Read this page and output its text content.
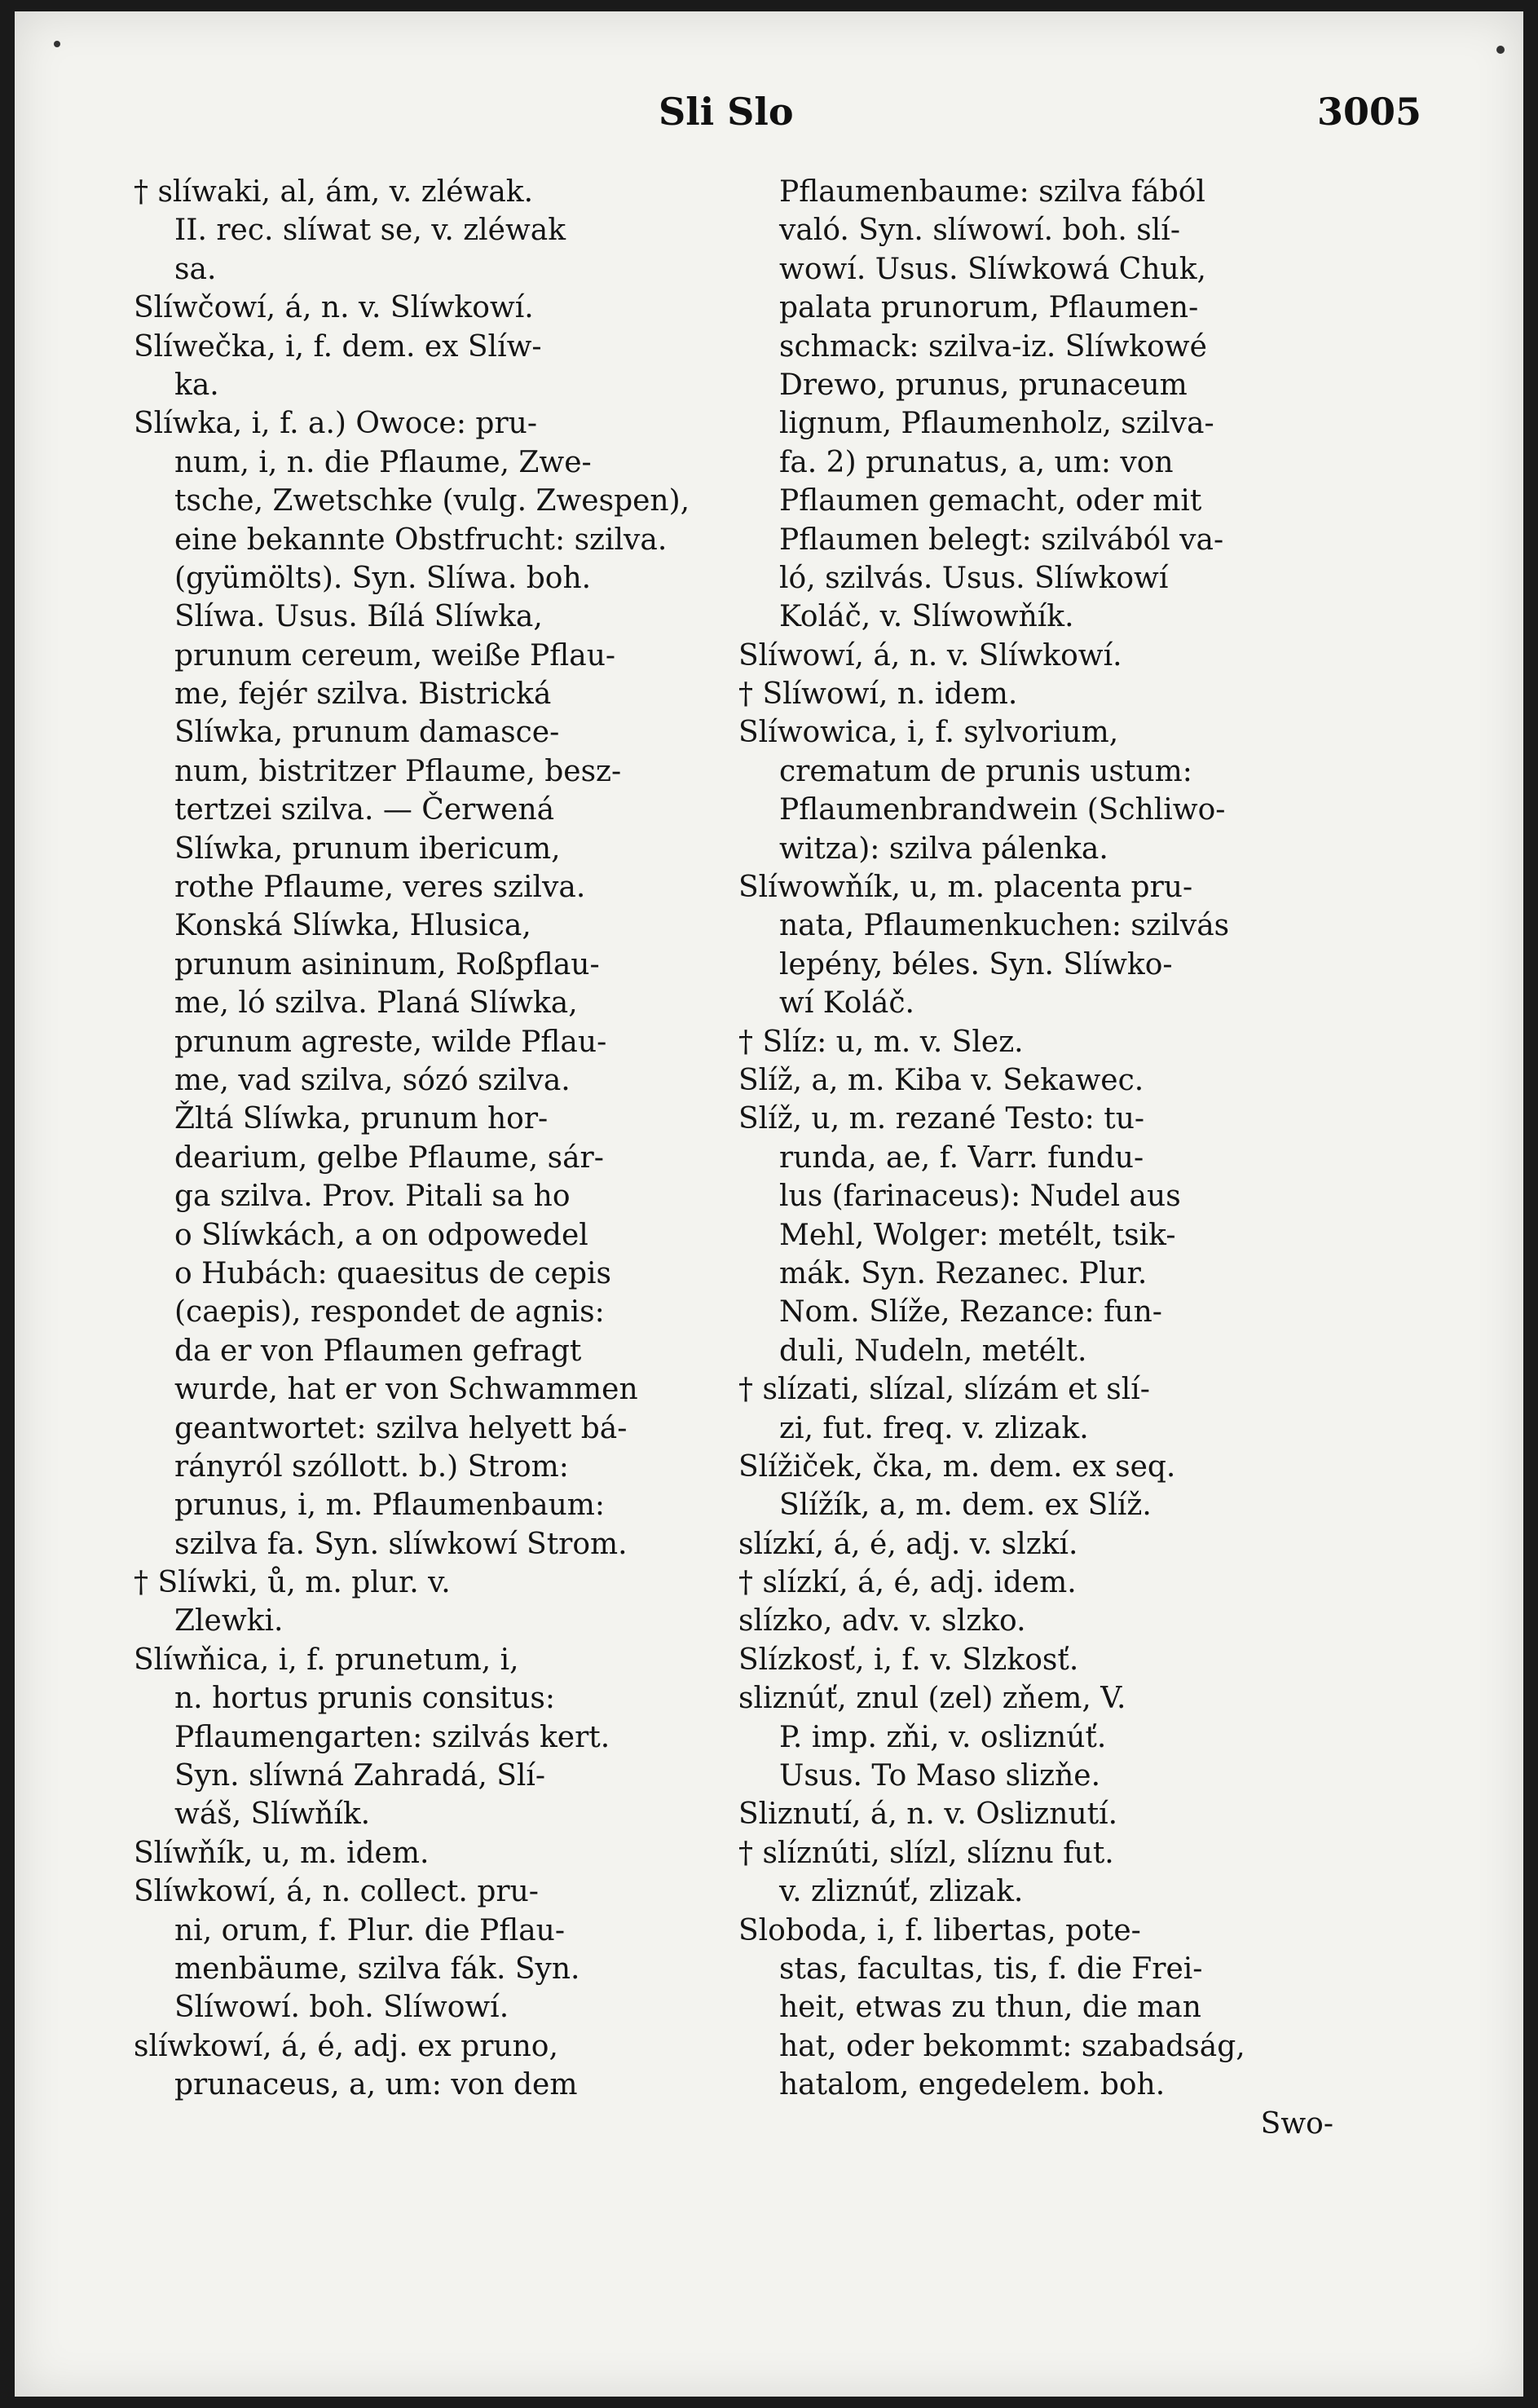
Sli Slo	3005
† slíwaki, al, ám, v. zléwak.
II. rec. slíwat se, v. zléwak
sa.
Slíwčowí, á, n. v. Slíwkowí.
Slíwečka, i, f. dem. ex Slíw-
ka.
Slíwka, i, f. a.) Owoce: pru-
num, i, n. die Pflaume, Zwe-
tsche, Zwetschke (vulg. Zwespen),
eine bekannte Obstfrucht: szilva.
(gyümölts). Syn. Slíwa. boh.
Slíwa. Usus. Bílá Slíwka,
prunum cereum, weiße Pflau-
me, fejér szilva. Bistrická
Slíwka, prunum damasce-
num, bistritzer Pflaume, besz-
tertzei szilva. — Čerwená
Slíwka, prunum ibericum,
rothe Pflaume, veres szilva.
Konská Slíwka, Hlusica,
prunum asininum, Roßpflau-
me, ló szilva. Planá Slíwka,
prunum agreste, wilde Pflau-
me, vad szilva, sózó szilva.
Žltá Slíwka, prunum hor-
dearium, gelbe Pflaume, sár-
ga szilva. Prov. Pitali sa ho
o Slíwkách, a on odpowedel
o Hubách: quaesitus de cepis
(caepis), respondet de agnis:
da er von Pflaumen gefragt
wurde, hat er von Schwammen
geantwortet: szilva helyett bá-
rányról szóllott. b.) Strom:
prunus, i, m. Pflaumenbaum:
szilva fa. Syn. slíwkowí Strom.
† Slíwki, ů, m. plur. v.
Zlewki.
Slíwňica, i, f. prunetum, i,
n. hortus prunis consitus:
Pflaumengarten: szilvás kert.
Syn. slíwná Zahradá, Slí-
wáš, Slíwňík.
Slíwňík, u, m. idem.
Slíwkowí, á, n. collect. pru-
ni, orum, f. Plur. die Pflau-
menbäume, szilva fák. Syn.
Slíwowí. boh. Slíwowí.
slíwkowí, á, é, adj. ex pruno,
prunaceus, a, um: von dem
Pflaumenbaume: szilva fából
való. Syn. slíwowí. boh. slí-
wowí. Usus. Slíwkowá Chuk,
palata prunorum, Pflaumen-
schmack: szilva-iz. Slíwkowé
Drewo, prunus, prunaceum
lignum, Pflaumenholz, szilva-
fa. 2) prunatus, a, um: von
Pflaumen gemacht, oder mit
Pflaumen belegt: szilvából va-
ló, szilvás. Usus. Slíwkowí
Koláč, v. Slíwowňík.
Slíwowí, á, n. v. Slíwkowí.
† Slíwowí, n. idem.
Slíwowica, i, f. sylvorium,
crematum de prunis ustum:
Pflaumenbrandwein (Schliwo-
witza): szilva pálenka.
Slíwowňík, u, m. placenta pru-
nata, Pflaumenkuchen: szilvás
lepény, béles. Syn. Slíwko-
wí Koláč.
† Slíz: u, m. v. Slez.
Slíž, a, m. Kiba v. Sekawec.
Slíž, u, m. rezané Testo: tu-
runda, ae, f. Varr. fundu-
lus (farinaceus): Nudel aus
Mehl, Wolger: metélt, tsik-
mák. Syn. Rezanec. Plur.
Nom. Slíže, Rezance: fun-
duli, Nudeln, metélt.
† slízati, slízal, slízám et slí-
zi, fut. freq. v. zlizak.
Slížiček, čka, m. dem. ex seq.
Slížík, a, m. dem. ex Slíž.
slízkí, á, é, adj. v. slzkí.
† slízkí, á, é, adj. idem.
slízko, adv. v. slzko.
Slízkosť, i, f. v. Slzkosť.
sliznúť, znul (zel) zňem, V.
P. imp. zňi, v. osliznúť.
Usus. To Maso slizňe.
Sliznutí, á, n. v. Osliznutí.
† slíznúti, slízl, slíznu fut.
v. zliznúť, zlizak.
Sloboda, i, f. libertas, pote-
stas, facultas, tis, f. die Frei-
heit, etwas zu thun, die man
hat, oder bekommt: szabadság,
hatalom, engedelem. boh.
Swo-
